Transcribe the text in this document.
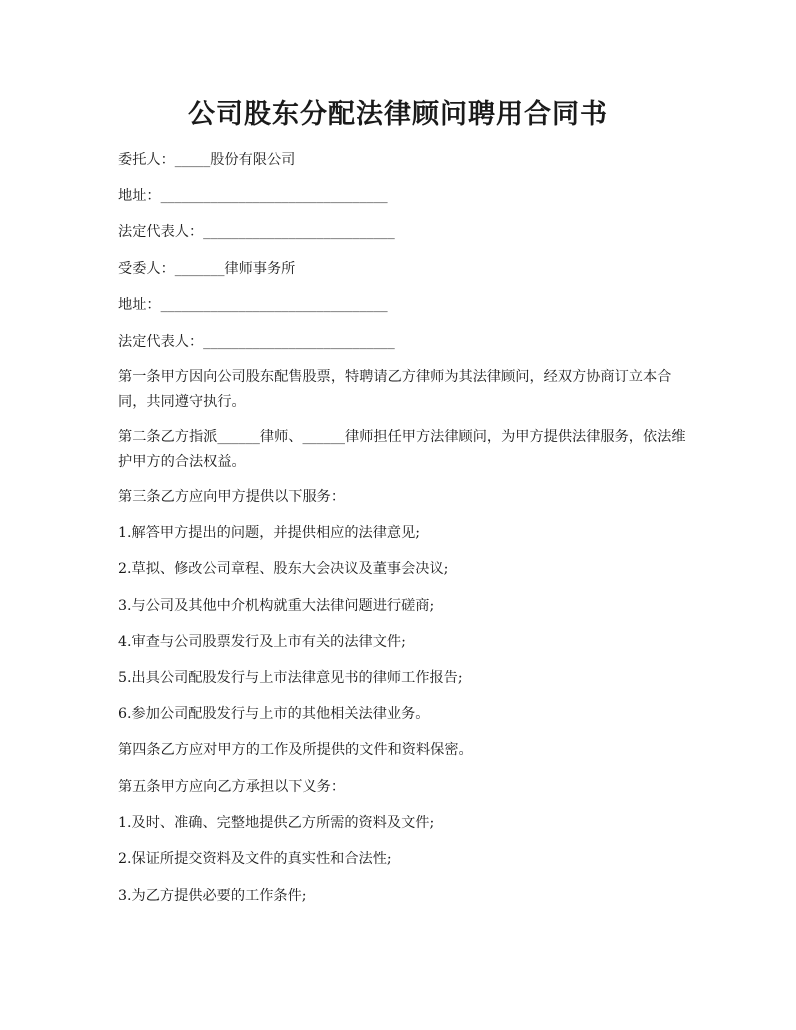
公司股东分配法律顾问聘用合同书
委托人：_____股份有限公司
地址：________________________________
法定代表人：___________________________
受委人：_______律师事务所
地址：________________________________
法定代表人：___________________________
第一条甲方因向公司股东配售股票，特聘请乙方律师为其法律顾问，经双方协商订立本合同，共同遵守执行。
第二条乙方指派______律师、______律师担任甲方法律顾问，为甲方提供法律服务，依法维护甲方的合法权益。
第三条乙方应向甲方提供以下服务：
1.解答甲方提出的问题，并提供相应的法律意见;
2.草拟、修改公司章程、股东大会决议及董事会决议;
3.与公司及其他中介机构就重大法律问题进行磋商;
4.审查与公司股票发行及上市有关的法律文件;
5.出具公司配股发行与上市法律意见书的律师工作报告;
6.参加公司配股发行与上市的其他相关法律业务。
第四条乙方应对甲方的工作及所提供的文件和资料保密。
第五条甲方应向乙方承担以下义务：
1.及时、准确、完整地提供乙方所需的资料及文件;
2.保证所提交资料及文件的真实性和合法性;
3.为乙方提供必要的工作条件;
